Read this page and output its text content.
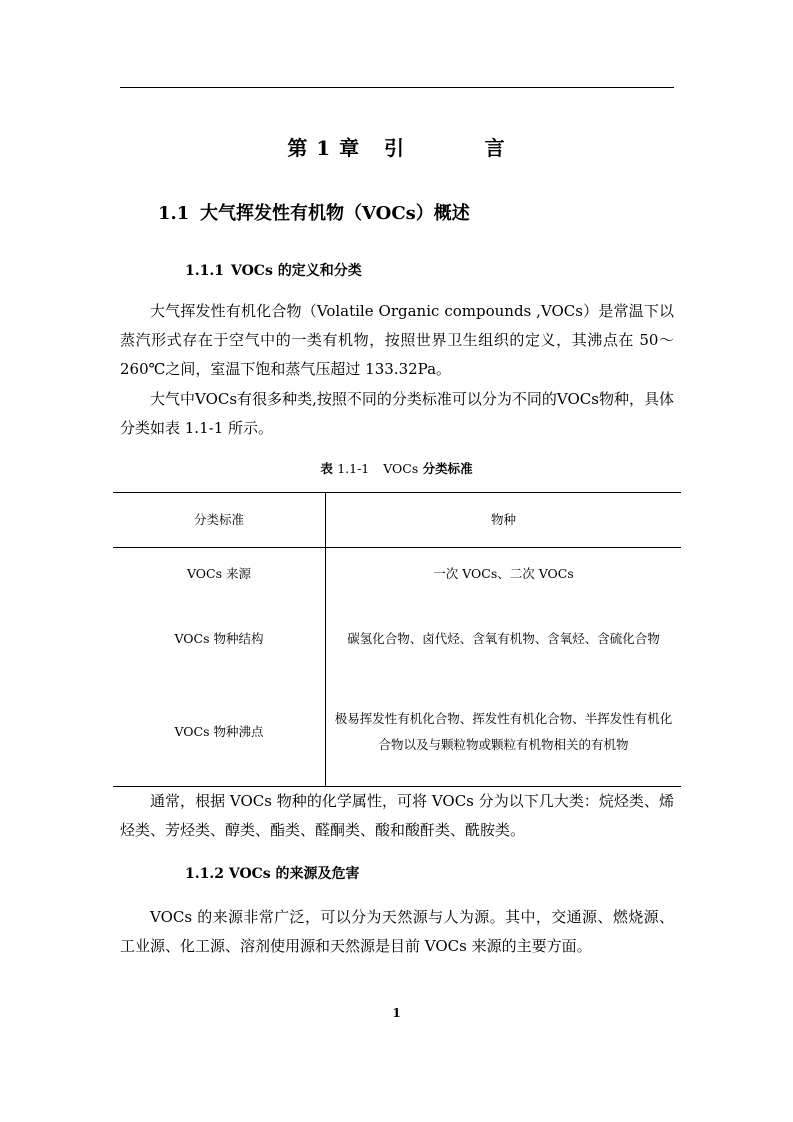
第 1 章   引          言
1.1 大气挥发性有机物（VOCs）概述
1.1.1 VOCs 的定义和分类

大气挥发性有机化合物（Volatile Organic compounds ,VOCs）是常温下以蒸汽形式存在于空气中的一类有机物，按照世界卫生组织的定义，其沸点在 50～260℃之间，室温下饱和蒸气压超过 133.32Pa。

大气中VOCs有很多种类,按照不同的分类标准可以分为不同的VOCs物种，具体分类如表 1.1-1 所示。

表 1.1-1 VOCs 分类标准
分类标准	物种
VOCs 来源	一次 VOCs、二次 VOCs
VOCs 物种结构	碳氢化合物、卤代烃、含氧有机物、含氧烃、含硫化合物
VOCs 物种沸点	极易挥发性有机化合物、挥发性有机化合物、半挥发性有机化合物以及与颗粒物或颗粒有机物相关的有机物

通常，根据 VOCs 物种的化学属性，可将 VOCs 分为以下几大类：烷烃类、烯烃类、芳烃类、醇类、酯类、醛酮类、酸和酸酐类、酰胺类。

1.1.2 VOCs 的来源及危害

VOCs 的来源非常广泛，可以分为天然源与人为源。其中，交通源、燃烧源、工业源、化工源、溶剂使用源和天然源是目前 VOCs 来源的主要方面。

1
